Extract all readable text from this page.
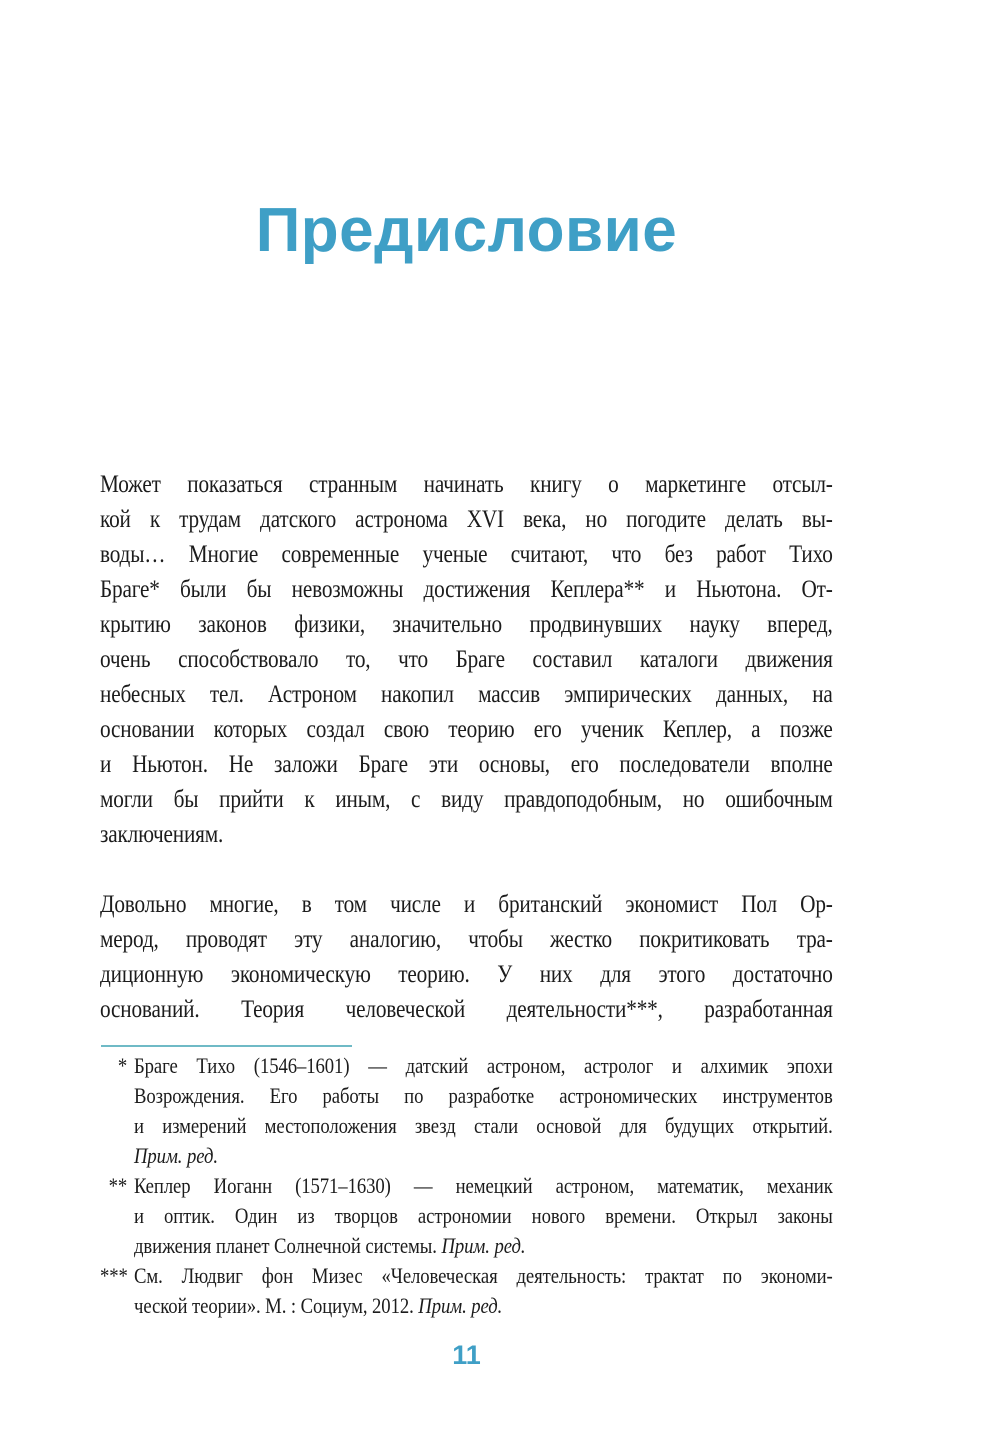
Предисловие
Может показаться странным начинать книгу о маркетинге отсыл-
кой к трудам датского астронома XVI века, но погодите делать вы-
воды… Многие современные ученые считают, что без работ Тихо
Браге* были бы невозможны достижения Кеплера** и Ньютона. От-
крытию законов физики, значительно продвинувших науку вперед,
очень способствовало то, что Браге составил каталоги движения
небесных тел. Астроном накопил массив эмпирических данных, на
основании которых создал свою теорию его ученик Кеплер, а позже
и Ньютон. Не заложи Браге эти основы, его последователи вполне
могли бы прийти к иным, с виду правдоподобным, но ошибочным
заключениям.
Довольно многие, в том числе и британский экономист Пол Ор-
мерод, проводят эту аналогию, чтобы жестко покритиковать тра-
диционную экономическую теорию. У них для этого достаточно
оснований. Теория человеческой деятельности***, разработанная
* Браге Тихо (1546–1601) — датский астроном, астролог и алхимик эпохи
Возрождения. Его работы по разработке астрономических инструментов
и измерений местоположения звезд стали основой для будущих открытий.
Прим. ред.
** Кеплер Иоганн (1571–1630) — немецкий астроном, математик, механик
и оптик. Один из творцов астрономии нового времени. Открыл законы
движения планет Солнечной системы. Прим. ред.
*** См. Людвиг фон Мизес «Человеческая деятельность: трактат по экономи-
ческой теории». М. : Социум, 2012. Прим. ред.
11
